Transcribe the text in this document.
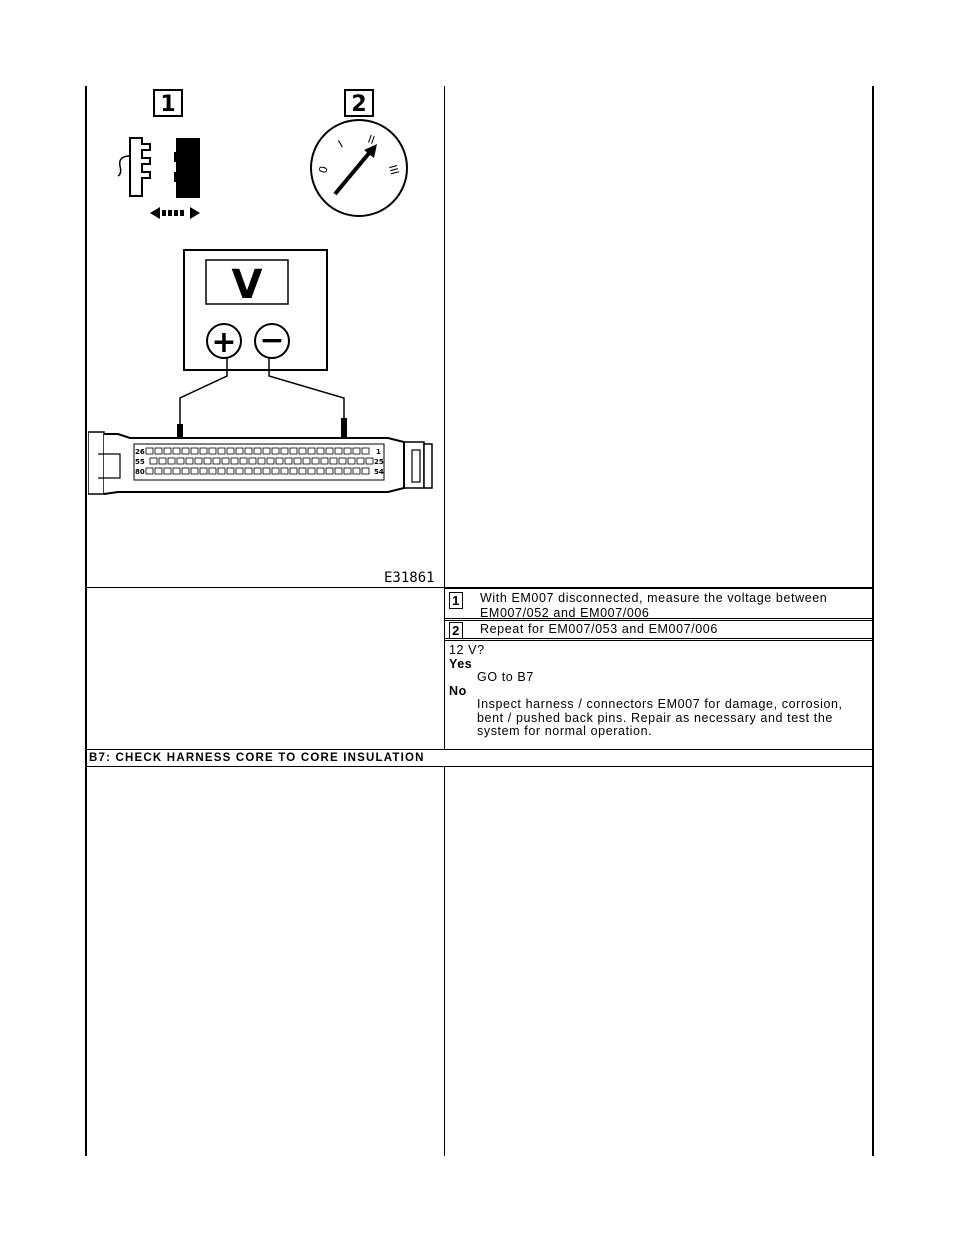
1	2
0
I II
III
V
+ −
26
55
80
1
25
54
E31861
1 With EM007 disconnected, measure the voltage between EM007/052 and EM007/006
2 Repeat for EM007/053 and EM007/006
12 V?
Yes
GO to B7
No
Inspect harness / connectors EM007 for damage, corrosion, bent / pushed back pins. Repair as necessary and test the system for normal operation.
B7: CHECK HARNESS CORE TO CORE INSULATION
